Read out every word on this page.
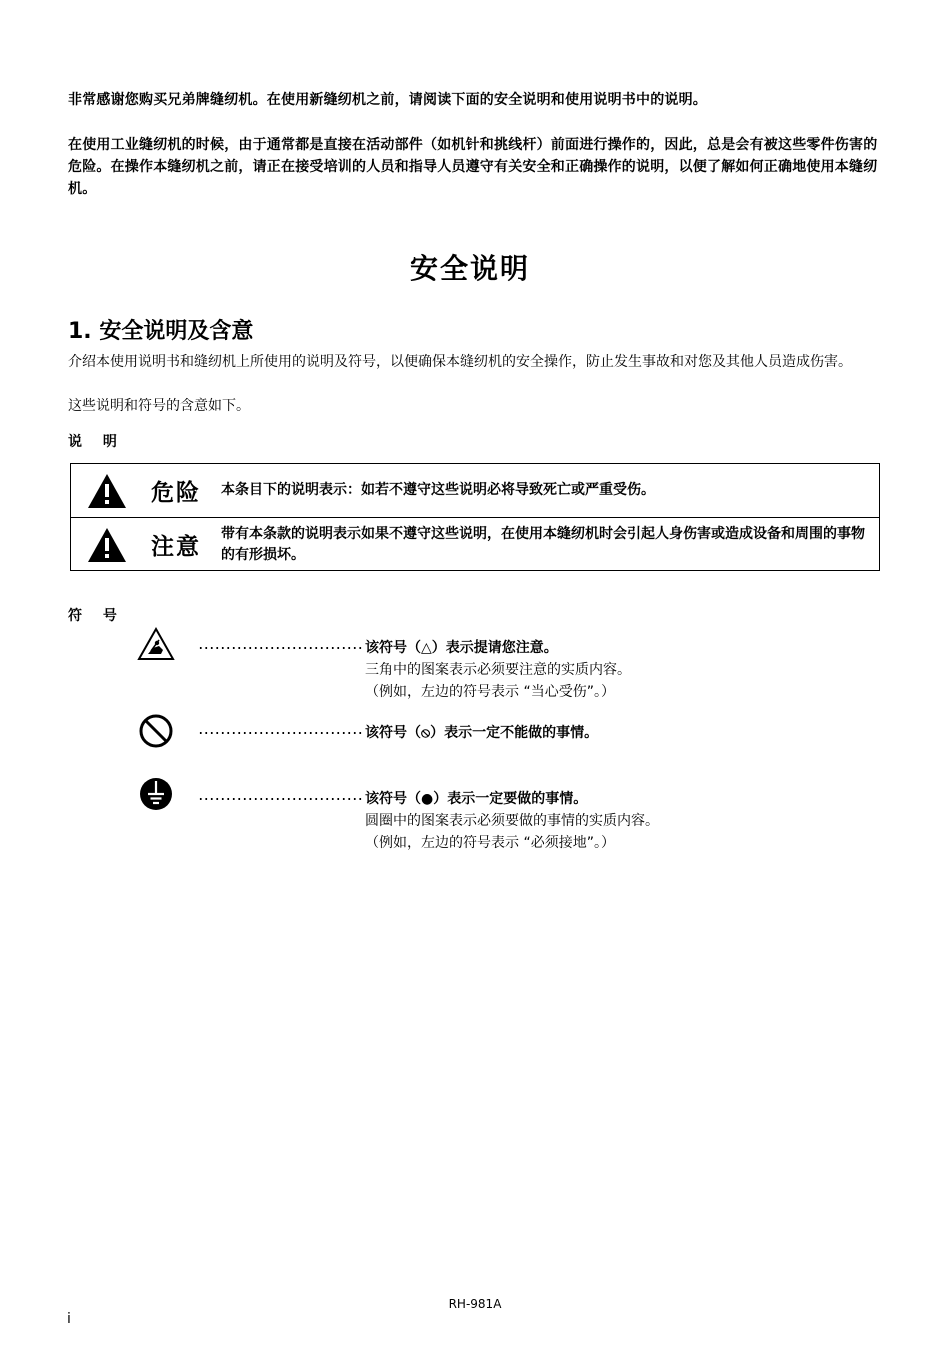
非常感谢您购买兄弟牌缝纫机。在使用新缝纫机之前，请阅读下面的安全说明和使用说明书中的说明。
在使用工业缝纫机的时候，由于通常都是直接在活动部件（如机针和挑线杆）前面进行操作的，因此，总是会有被这些零件伤害的危险。在操作本缝纫机之前，请正在接受培训的人员和指导人员遵守有关安全和正确操作的说明，以便了解如何正确地使用本缝纫机。
安全说明
1. 安全说明及含意
介绍本使用说明书和缝纫机上所使用的说明及符号，以便确保本缝纫机的安全操作，防止发生事故和对您及其他人员造成伤害。
这些说明和符号的含意如下。
说 明
危险 本条目下的说明表示：如若不遵守这些说明必将导致死亡或严重受伤。
注意 带有本条款的说明表示如果不遵守这些说明，在使用本缝纫机时会引起人身伤害或造成设备和周围的事物的有形损坏。
符 号
该符号（△）表示提请您注意。
三角中的图案表示必须要注意的实质内容。
（例如，左边的符号表示 “当心受伤”。）
该符号（⦸）表示一定不能做的事情。
该符号（●）表示一定要做的事情。
圆圈中的图案表示必须要做的事情的实质内容。
（例如，左边的符号表示 “必须接地”。）
RH-981A
i
